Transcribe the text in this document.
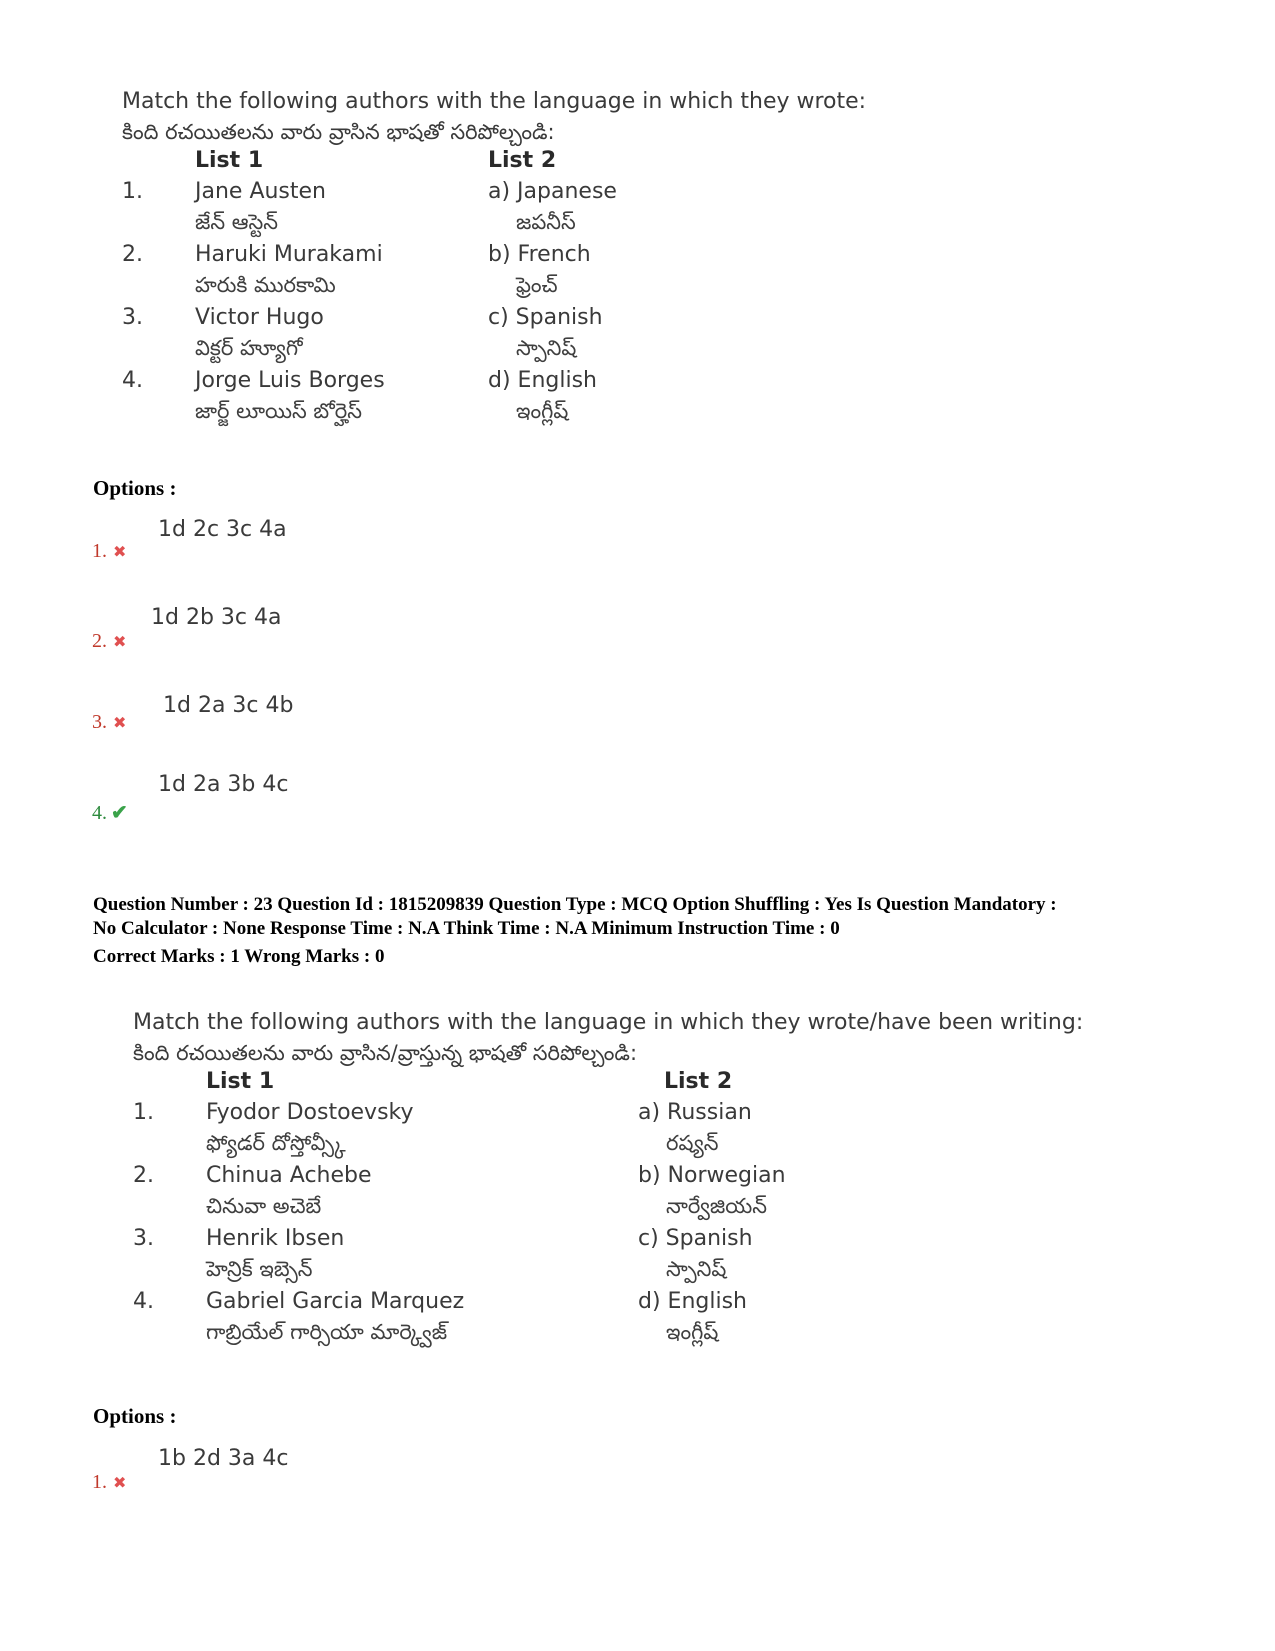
Match the following authors with the language in which they wrote:
కింది రచయితలను వారు వ్రాసిన భాషతో సరిపోల్చండి:
List 1	List 2
1. Jane Austen	a) Japanese
జేన్ ఆస్టెన్	జపనీస్
2. Haruki Murakami	b) French
హరుకి మురకామి	ఫ్రెంచ్
3. Victor Hugo	c) Spanish
విక్టర్ హ్యూగో	స్పానిష్
4. Jorge Luis Borges	d) English
జార్జ్ లూయిస్ బోర్హెస్	ఇంగ్లీష్
Options :
1d 2c 3c 4a
1. ✖
1d 2b 3c 4a
2. ✖
1d 2a 3c 4b
3. ✖
1d 2a 3b 4c
4. ✔
Question Number : 23 Question Id : 1815209839 Question Type : MCQ Option Shuffling : Yes Is Question Mandatory :
No Calculator : None Response Time : N.A Think Time : N.A Minimum Instruction Time : 0
Correct Marks : 1 Wrong Marks : 0
Match the following authors with the language in which they wrote/have been writing:
కింది రచయితలను వారు వ్రాసిన/వ్రాస్తున్న భాషతో సరిపోల్చండి:
List 1	List 2
1. Fyodor Dostoevsky	a) Russian
ఫ్యోడర్ దోస్తోవ్స్కీ	రష్యన్
2. Chinua Achebe	b) Norwegian
చినువా అచెబే	నార్వేజియన్
3. Henrik Ibsen	c) Spanish
హెన్రిక్ ఇబ్సెన్	స్పానిష్
4. Gabriel Garcia Marquez	d) English
గాబ్రియేల్ గార్సియా మార్క్వెజ్	ఇంగ్లీష్
Options :
1b 2d 3a 4c
1. ✖
